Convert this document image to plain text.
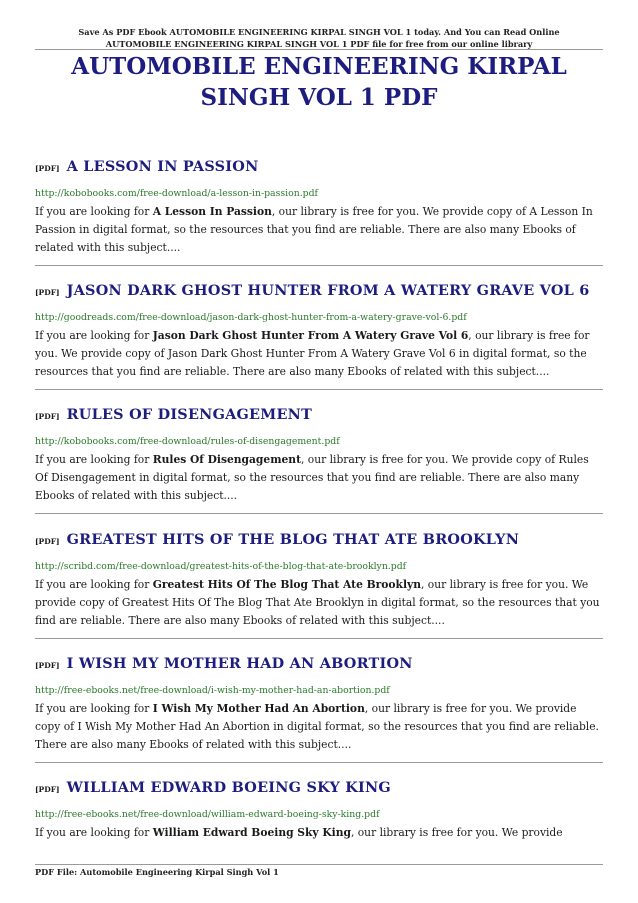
Save As PDF Ebook AUTOMOBILE ENGINEERING KIRPAL SINGH VOL 1 today. And You can Read Online AUTOMOBILE ENGINEERING KIRPAL SINGH VOL 1 PDF file for free from our online library
AUTOMOBILE ENGINEERING KIRPAL SINGH VOL 1 PDF
[PDF] A LESSON IN PASSION
http://kobobooks.com/free-download/a-lesson-in-passion.pdf
If you are looking for A Lesson In Passion, our library is free for you. We provide copy of A Lesson In Passion in digital format, so the resources that you find are reliable. There are also many Ebooks of related with this subject....
[PDF] JASON DARK GHOST HUNTER FROM A WATERY GRAVE VOL 6
http://goodreads.com/free-download/jason-dark-ghost-hunter-from-a-watery-grave-vol-6.pdf
If you are looking for Jason Dark Ghost Hunter From A Watery Grave Vol 6, our library is free for you. We provide copy of Jason Dark Ghost Hunter From A Watery Grave Vol 6 in digital format, so the resources that you find are reliable. There are also many Ebooks of related with this subject....
[PDF] RULES OF DISENGAGEMENT
http://kobobooks.com/free-download/rules-of-disengagement.pdf
If you are looking for Rules Of Disengagement, our library is free for you. We provide copy of Rules Of Disengagement in digital format, so the resources that you find are reliable. There are also many Ebooks of related with this subject....
[PDF] GREATEST HITS OF THE BLOG THAT ATE BROOKLYN
http://scribd.com/free-download/greatest-hits-of-the-blog-that-ate-brooklyn.pdf
If you are looking for Greatest Hits Of The Blog That Ate Brooklyn, our library is free for you. We provide copy of Greatest Hits Of The Blog That Ate Brooklyn in digital format, so the resources that you find are reliable. There are also many Ebooks of related with this subject....
[PDF] I WISH MY MOTHER HAD AN ABORTION
http://free-ebooks.net/free-download/i-wish-my-mother-had-an-abortion.pdf
If you are looking for I Wish My Mother Had An Abortion, our library is free for you. We provide copy of I Wish My Mother Had An Abortion in digital format, so the resources that you find are reliable. There are also many Ebooks of related with this subject....
[PDF] WILLIAM EDWARD BOEING SKY KING
http://free-ebooks.net/free-download/william-edward-boeing-sky-king.pdf
If you are looking for William Edward Boeing Sky King, our library is free for you. We provide
PDF File: Automobile Engineering Kirpal Singh Vol 1
